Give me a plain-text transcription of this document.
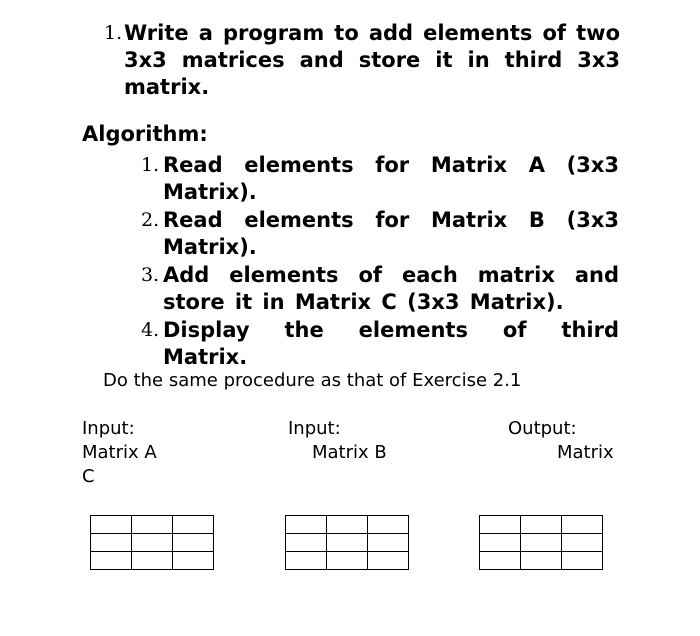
1. Write a program to add elements of two 3x3 matrices and store it in third 3x3 matrix.
Algorithm:
1. Read elements for Matrix A (3x3 Matrix).
2. Read elements for Matrix B (3x3 Matrix).
3. Add elements of each matrix and store it in Matrix C (3x3 Matrix).
4. Display the elements of third Matrix.
Do the same procedure as that of Exercise 2.1
Input:
Matrix A
C
Input:
Matrix B
Output:
Matrix
